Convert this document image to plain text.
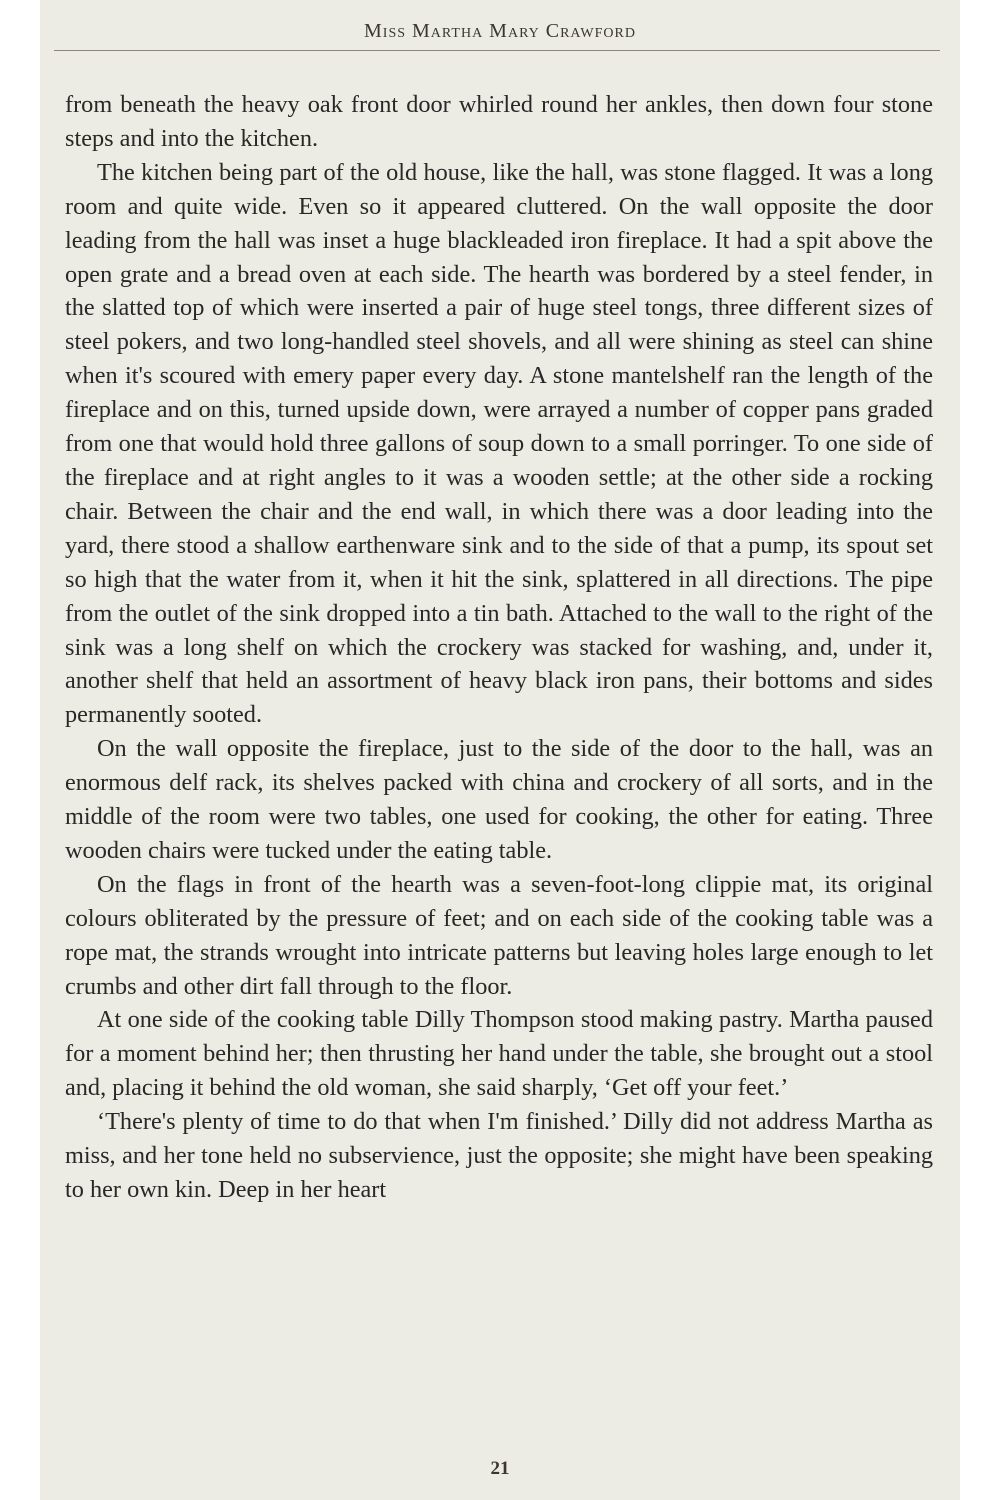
Miss Martha Mary Crawford

from beneath the heavy oak front door whirled round her ankles, then down four stone steps and into the kitchen.

The kitchen being part of the old house, like the hall, was stone flagged. It was a long room and quite wide. Even so it appeared cluttered. On the wall opposite the door leading from the hall was inset a huge blackleaded iron fireplace. It had a spit above the open grate and a bread oven at each side. The hearth was bordered by a steel fender, in the slatted top of which were inserted a pair of huge steel tongs, three different sizes of steel pokers, and two long-handled steel shovels, and all were shining as steel can shine when it's scoured with emery paper every day. A stone mantelshelf ran the length of the fireplace and on this, turned upside down, were arrayed a number of copper pans graded from one that would hold three gallons of soup down to a small porringer. To one side of the fireplace and at right angles to it was a wooden settle; at the other side a rocking chair. Between the chair and the end wall, in which there was a door leading into the yard, there stood a shallow earthenware sink and to the side of that a pump, its spout set so high that the water from it, when it hit the sink, splattered in all directions. The pipe from the outlet of the sink dropped into a tin bath. Attached to the wall to the right of the sink was a long shelf on which the crockery was stacked for washing, and, under it, another shelf that held an assortment of heavy black iron pans, their bottoms and sides permanently sooted.

On the wall opposite the fireplace, just to the side of the door to the hall, was an enormous delf rack, its shelves packed with china and crockery of all sorts, and in the middle of the room were two tables, one used for cooking, the other for eating. Three wooden chairs were tucked under the eating table.

On the flags in front of the hearth was a seven-foot-long clippie mat, its original colours obliterated by the pressure of feet; and on each side of the cooking table was a rope mat, the strands wrought into intricate patterns but leaving holes large enough to let crumbs and other dirt fall through to the floor.

At one side of the cooking table Dilly Thompson stood making pastry. Martha paused for a moment behind her; then thrusting her hand under the table, she brought out a stool and, placing it behind the old woman, she said sharply, ‘Get off your feet.’

‘There's plenty of time to do that when I'm finished.’ Dilly did not address Martha as miss, and her tone held no subservience, just the opposite; she might have been speaking to her own kin. Deep in her heart

21
